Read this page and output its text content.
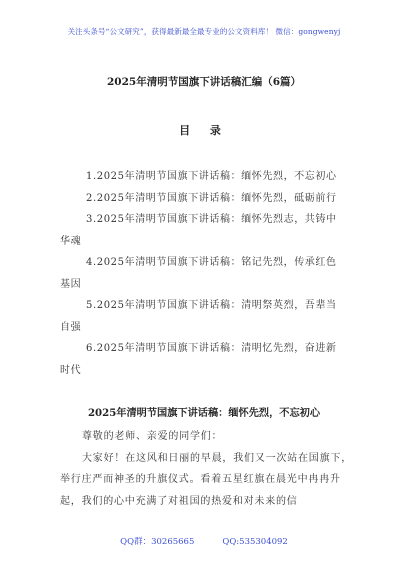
关注头条号“公文研究”，获得最新最全最专业的公文资料库！ 微信：gongwenyj
2025年清明节国旗下讲话稿汇编（6篇）
目 录
1.2025年清明节国旗下讲话稿：缅怀先烈，不忘初心
2.2025年清明节国旗下讲话稿：缅怀先烈，砥砺前行
3.2025年清明节国旗下讲话稿：缅怀先烈志，共铸中
华魂
4.2025年清明节国旗下讲话稿：铭记先烈，传承红色
基因
5.2025年清明节国旗下讲话稿：清明祭英烈，吾辈当
自强
6.2025年清明节国旗下讲话稿：清明忆先烈，奋进新
时代
2025年清明节国旗下讲话稿：缅怀先烈，不忘初心

尊敬的老师、亲爱的同学们：

大家好！在这风和日丽的早晨，我们又一次站在国旗下，举行庄严而神圣的升旗仪式。看着五星红旗在晨光中冉冉升起，我们的心中充满了对祖国的热爱和对未来的信

QQ群：30265665	QQ:535304092
